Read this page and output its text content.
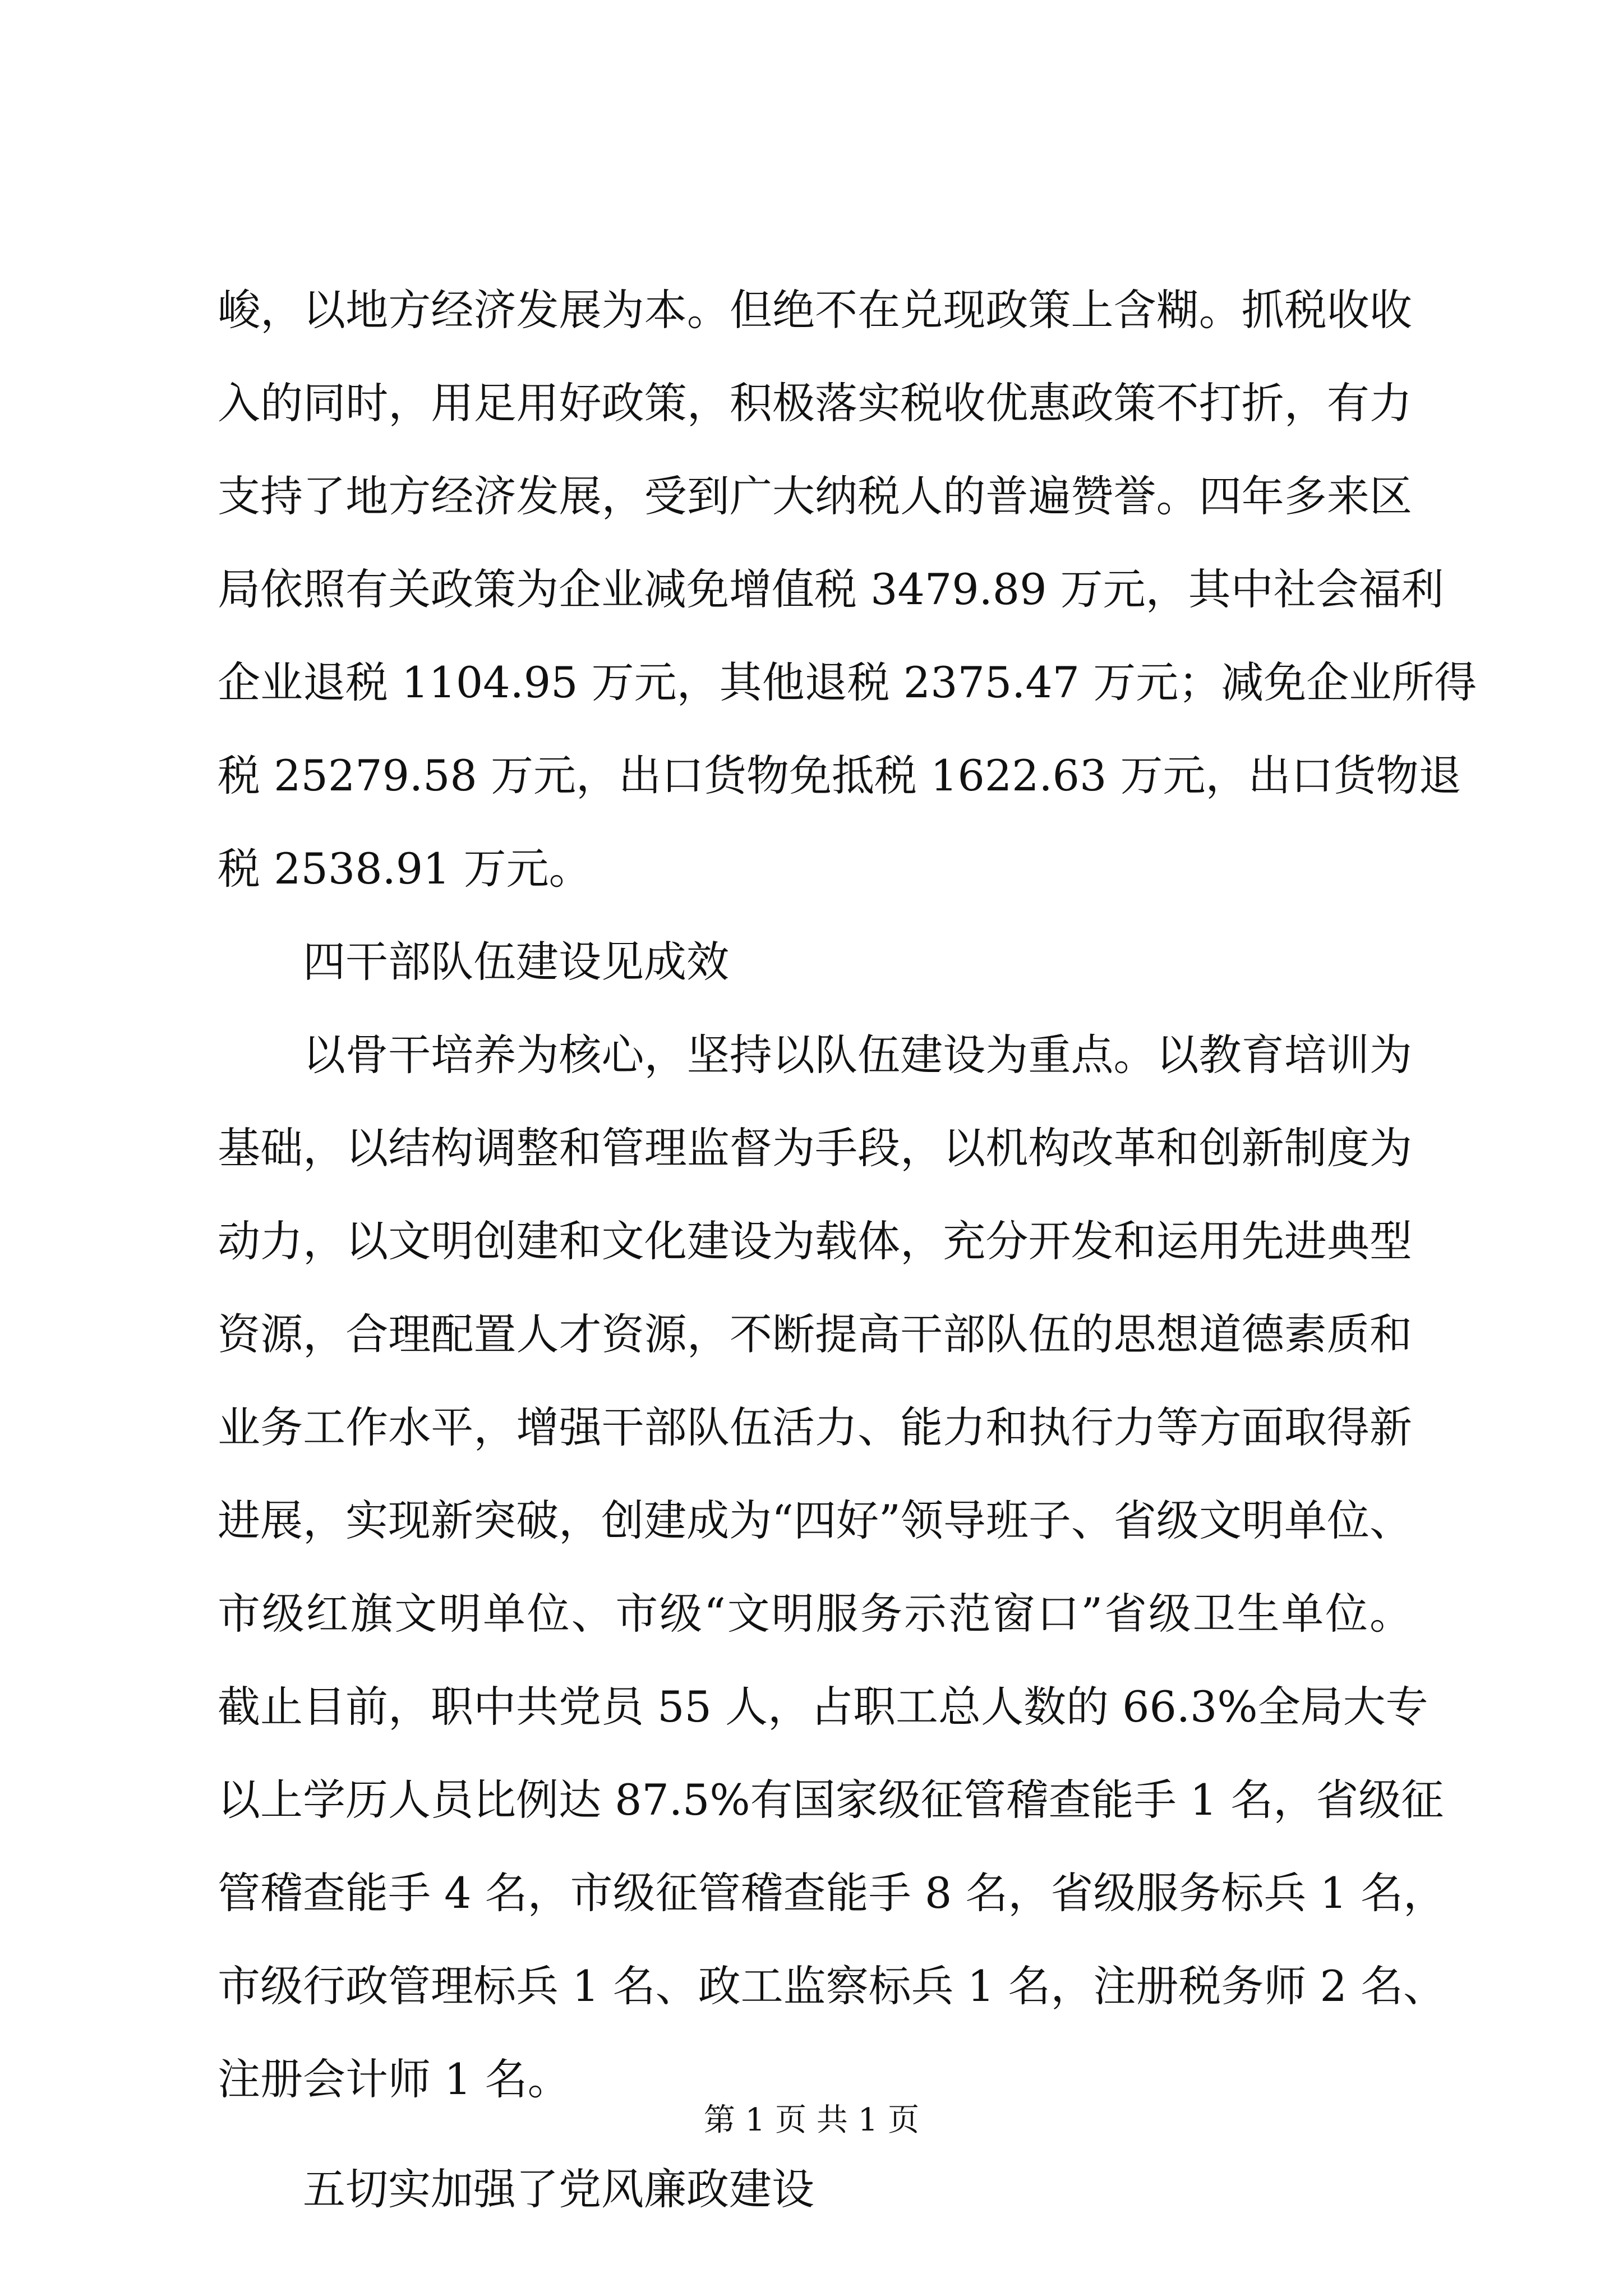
峻，以地方经济发展为本。但绝不在兑现政策上含糊。抓税收收
入的同时，用足用好政策，积极落实税收优惠政策不打折，有力
支持了地方经济发展，受到广大纳税人的普遍赞誉。四年多来区
局依照有关政策为企业减免增值税 3479.89 万元，其中社会福利
企业退税 1104.95 万元，其他退税 2375.47 万元；减免企业所得
税 25279.58 万元，出口货物免抵税 1622.63 万元，出口货物退
税 2538.91 万元。
四干部队伍建设见成效
以骨干培养为核心，坚持以队伍建设为重点。以教育培训为
基础，以结构调整和管理监督为手段，以机构改革和创新制度为
动力，以文明创建和文化建设为载体，充分开发和运用先进典型
资源，合理配置人才资源，不断提高干部队伍的思想道德素质和
业务工作水平，增强干部队伍活力、能力和执行力等方面取得新
进展，实现新突破，创建成为“四好”领导班子、省级文明单位、
市级红旗文明单位、市级“文明服务示范窗口”省级卫生单位。
截止目前，职中共党员 55 人，占职工总人数的 66.3%全局大专
以上学历人员比例达 87.5%有国家级征管稽查能手 1 名，省级征
管稽查能手 4 名，市级征管稽查能手 8 名，省级服务标兵 1 名，
市级行政管理标兵 1 名、政工监察标兵 1 名，注册税务师 2 名、
注册会计师 1 名。
五切实加强了党风廉政建设
第 1 页 共 1 页
